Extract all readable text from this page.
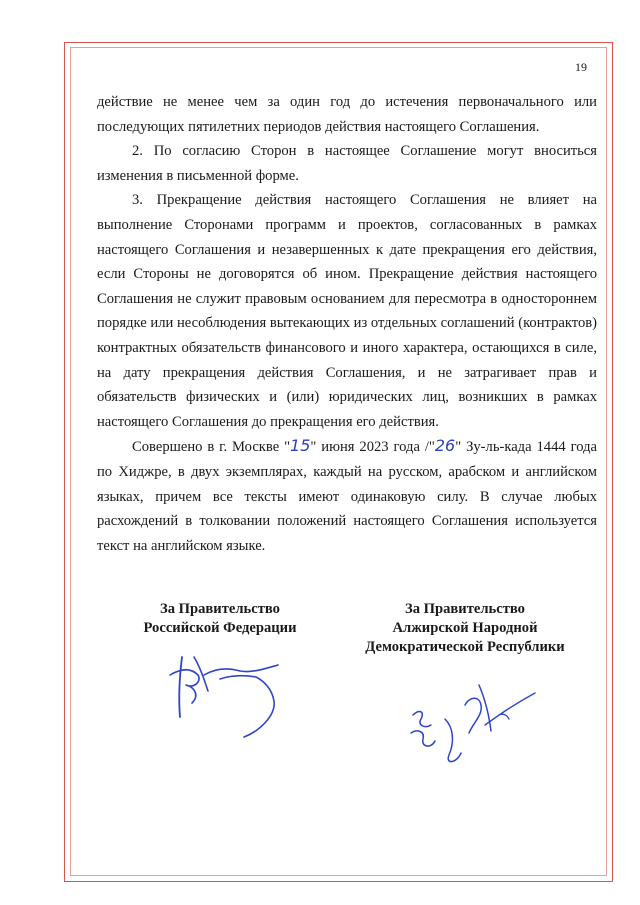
19

действие не менее чем за один год до истечения первоначального или последующих пятилетних периодов действия настоящего Соглашения.

2. По согласию Сторон в настоящее Соглашение могут вноситься изменения в письменной форме.

3. Прекращение действия настоящего Соглашения не влияет на выполнение Сторонами программ и проектов, согласованных в рамках настоящего Соглашения и незавершенных к дате прекращения его действия, если Стороны не договорятся об ином. Прекращение действия настоящего Соглашения не служит правовым основанием для пересмотра в одностороннем порядке или несоблюдения вытекающих из отдельных соглашений (контрактов) контрактных обязательств финансового и иного характера, остающихся в силе, на дату прекращения действия Соглашения, и не затрагивает прав и обязательств физических и (или) юридических лиц, возникших в рамках настоящего Соглашения до прекращения его действия.

Совершено в г. Москве "15" июня 2023 года /"26" Зу-ль-када 1444 года по Хиджре, в двух экземплярах, каждый на русском, арабском и английском языках, причем все тексты имеют одинаковую силу. В случае любых расхождений в толковании положений настоящего Соглашения используется текст на английском языке.

За Правительство
Российской Федерации
За Правительство
Алжирской Народной
Демократической Республики
